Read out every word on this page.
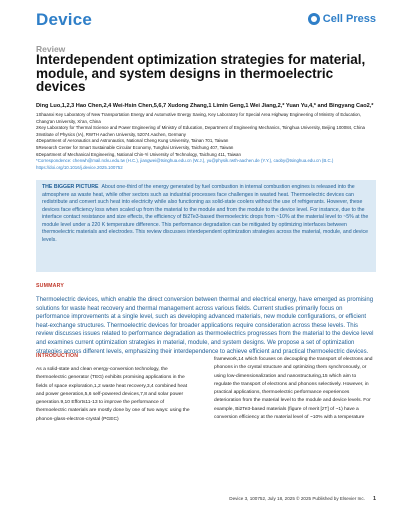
Device	Cell Press
Review
Interdependent optimization strategies for material, module, and system designs in thermoelectric devices
Ding Luo,1,2,3 Hao Chen,2,4 Wei-Hsin Chen,5,6,7 Xudong Zhang,1 Limin Geng,1 Wei Jiang,2,* Yuan Yu,4,* and Bingyang Cao2,*

1Shaanxi Key Laboratory of New Transportation Energy and Automotive Energy Saving, Key Laboratory for Special Area Highway Engineering of Ministry of Education, Chang'an University, Xi'an, China

2Key Laboratory for Thermal Science and Power Engineering of Ministry of Education, Department of Engineering Mechanics, Tsinghua University, Beijing 100084, China

3Institute of Physics (IA), RWTH Aachen University, 52074 Aachen, Germany

4Department of Aeronautics and Astronautics, National Cheng Kung University, Tainan 701, Taiwan

5Research Center for Smart Sustainable Circular Economy, Tunghai University, Taichung 407, Taiwan

6Department of Mechanical Engineering, National Chin-Yi University of Technology, Taichung 411, Taiwan

*Correspondence: chenwh@mail.ncku.edu.tw (H.C.), jiangwei@tsinghua.edu.cn (W.J.), yu@physik.rwth-aachen.de (Y.Y.), caoby@tsinghua.edu.cn (B.C.)

https://doi.org/10.1016/j.device.2025.100752

THE BIGGER PICTURE About one-third of the energy generated by fuel combustion in internal combustion engines is released into the atmosphere as waste heat, while other sectors such as industrial processes face challenges in wasted heat. Thermoelectric devices can redistribute and convert such heat into electricity while also functioning as solid-state coolers without the use of refrigerants. However, these devices face efficiency loss when scaled up from the material to the module and from the module to the device level. For instance, due to the interface contact resistance and size effects, the efficiency of Bi2Te3-based thermoelectric drops from ~10% at the material level to ~5% at the module level under a 220 K temperature difference. This performance degradation can be mitigated by optimizing interfaces between thermoelectric materials and electrodes. This review discusses interdependent optimization strategies across the material, module, and device levels.

SUMMARY

Thermoelectric devices, which enable the direct conversion between thermal and electrical energy, have emerged as promising solutions for waste heat recovery and thermal management across various fields. Current studies primarily focus on performance improvements at a single level, such as developing advanced materials, new module configurations, or efficient heat-exchange structures. Thermoelectric devices for broader applications require consideration across these levels. This review discusses issues related to performance degradation as thermoelectrics progresses from the material to the device level and examines current optimization strategies in material, module, and system designs. We propose a set of optimization strategies across different levels, emphasizing their interdependence to achieve efficient and practical thermoelectric devices.

INTRODUCTION

As a solid-state and clean energy-conversion technology, the thermoelectric generator (TEG) exhibits promising applications in the fields of space exploration,1,2 waste heat recovery,3,4 combined heat and power generation,5,6 self-powered devices,7,8 and solar power generation.9,10 Efforts11-13 to improve the performance of thermoelectric materials are mostly done by one of two ways: using the phonon-glass-electron-crystal (PGEC)

framework,14 which focuses on decoupling the transport of electrons and phonons in the crystal structure and optimizing them synchronously, or using low-dimensionalization and nanostructuring,15 which aim to regulate the transport of electrons and phonons selectively. However, in practical applications, thermoelectric performance experiences deterioration from the material level to the module and device levels. For example, Bi2Te3-based materials (figure of merit [zT] of ~1) have a conversion efficiency at the material level of ~10% with a temperature

Device 3, 100752, July 18, 2025 © 2025 Published by Elsevier Inc. 1
